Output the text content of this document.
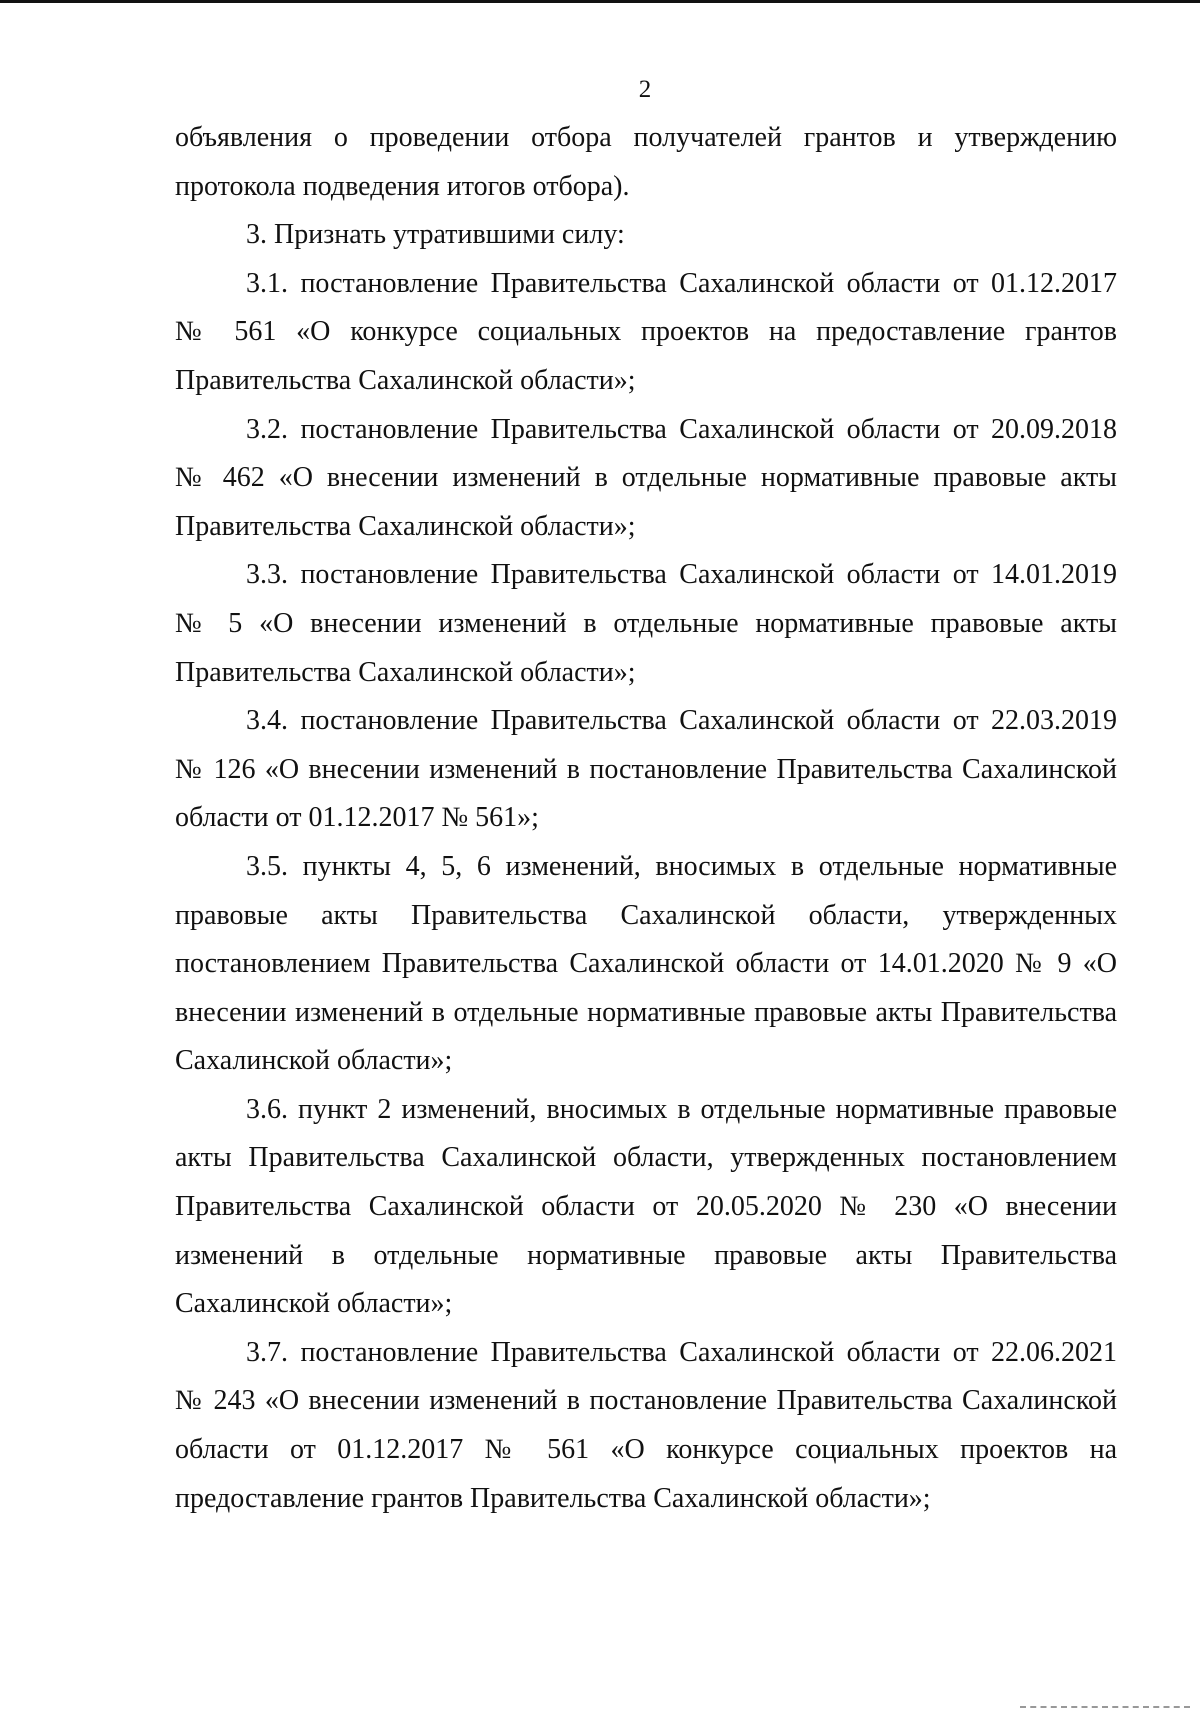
2

объявления о проведении отбора получателей грантов и утверждению протокола подведения итогов отбора).

3. Признать утратившими силу:

3.1. постановление Правительства Сахалинской области от 01.12.2017 № 561 «О конкурсе социальных проектов на предоставление грантов Правительства Сахалинской области»;

3.2. постановление Правительства Сахалинской области от 20.09.2018 № 462 «О внесении изменений в отдельные нормативные правовые акты Правительства Сахалинской области»;

3.3. постановление Правительства Сахалинской области от 14.01.2019 № 5 «О внесении изменений в отдельные нормативные правовые акты Правительства Сахалинской области»;

3.4. постановление Правительства Сахалинской области от 22.03.2019 № 126 «О внесении изменений в постановление Правительства Сахалинской области от 01.12.2017 № 561»;

3.5. пункты 4, 5, 6 изменений, вносимых в отдельные нормативные правовые акты Правительства Сахалинской области, утвержденных постановлением Правительства Сахалинской области от 14.01.2020 № 9 «О внесении изменений в отдельные нормативные правовые акты Правительства Сахалинской области»;

3.6. пункт 2 изменений, вносимых в отдельные нормативные правовые акты Правительства Сахалинской области, утвержденных постановлением Правительства Сахалинской области от 20.05.2020 № 230 «О внесении изменений в отдельные нормативные правовые акты Правительства Сахалинской области»;

3.7. постановление Правительства Сахалинской области от 22.06.2021 № 243 «О внесении изменений в постановление Правительства Сахалинской области от 01.12.2017 № 561 «О конкурсе социальных проектов на предоставление грантов Правительства Сахалинской области»;
